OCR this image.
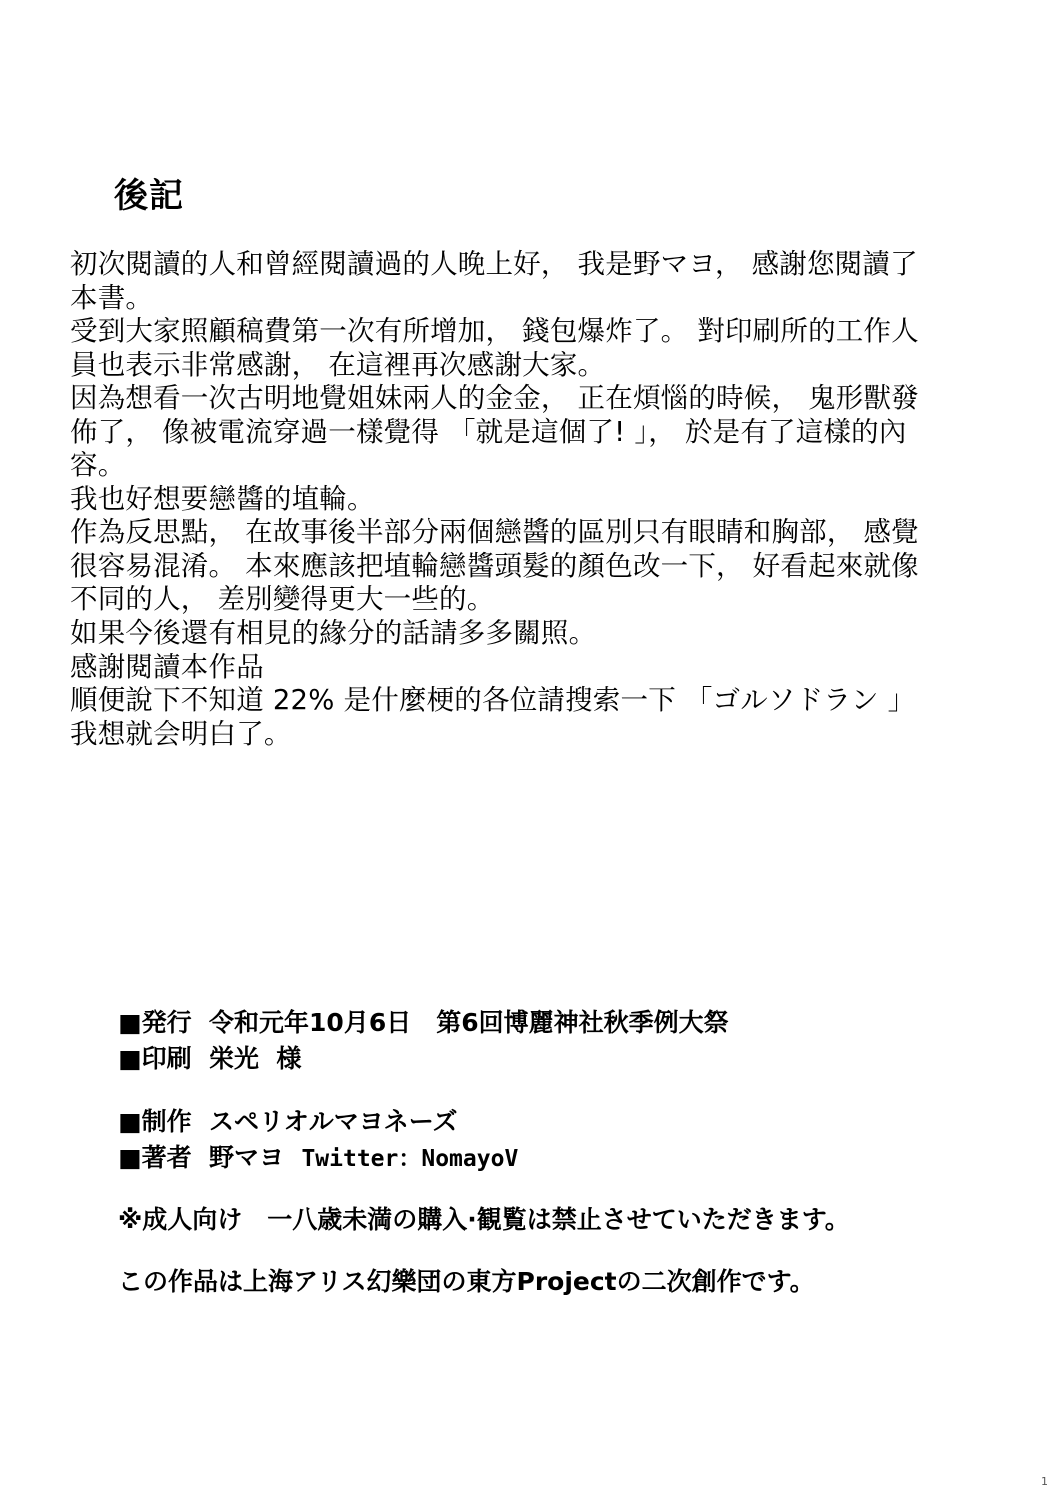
後記

初次閱讀的人和曾經閱讀過的人晚上好， 我是野マヨ， 感謝您閱讀了本書。

受到大家照顧稿費第一次有所增加， 錢包爆炸了。 對印刷所的工作人員也表示非常感謝， 在這裡再次感謝大家。

因為想看一次古明地覺姐妹兩人的金金， 正在煩惱的時候， 鬼形獸發佈了， 像被電流穿過一樣覺得 「就是這個了! 」， 於是有了這樣的內容。

我也好想要戀醬的埴輪。

作為反思點， 在故事後半部分兩個戀醬的區別只有眼睛和胸部， 感覺很容易混淆。 本來應該把埴輪戀醬頭髮的顏色改一下， 好看起來就像不同的人， 差別變得更大一些的。

如果今後還有相見的緣分的話請多多關照。

感謝閱讀本作品

順便說下不知道 22% 是什麼梗的各位請搜索一下 「ゴルソドラン 」 我想就会明白了。

■発行  令和元年10月6日　第6回博麗神社秋季例大祭
■印刷  栄光  様
■制作  スペリオルマヨネーズ
■著者  野マヨ  Twitter：NomayoV
※成人向け　一八歳未満の購入·観覧は禁止させていただきます。
この作品は上海アリス幻樂団の東方Projectの二次創作です。
1
